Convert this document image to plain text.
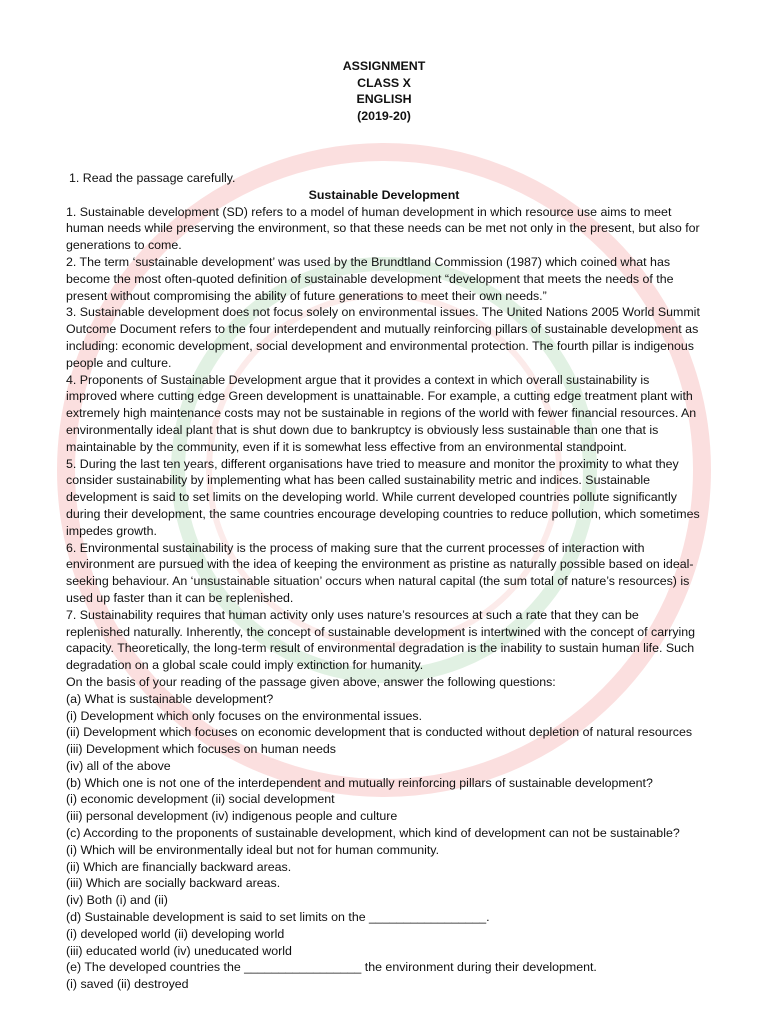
ASSIGNMENT
CLASS X
ENGLISH
(2019-20)
1. Read the passage carefully.
Sustainable Development

1. Sustainable development (SD) refers to a model of human development in which resource use aims to meet human needs while preserving the environment, so that these needs can be met not only in the present, but also for generations to come.

2. The term ‘sustainable development’ was used by the Brundtland Commission (1987) which coined what has become the most often-quoted definition of sustainable development “development that meets the needs of the present without compromising the ability of future generations to meet their own needs.”

3. Sustainable development does not focus solely on environmental issues. The United Nations 2005 World Summit Outcome Document refers to the four interdependent and mutually reinforcing pillars of sustainable development as including: economic development, social development and environmental protection. The fourth pillar is indigenous people and culture.

4. Proponents of Sustainable Development argue that it provides a context in which overall sustainability is improved where cutting edge Green development is unattainable. For example, a cutting edge treatment plant with extremely high maintenance costs may not be sustainable in regions of the world with fewer financial resources. An environmentally ideal plant that is shut down due to bankruptcy is obviously less sustainable than one that is maintainable by the community, even if it is somewhat less effective from an environmental standpoint.

5. During the last ten years, different organisations have tried to measure and monitor the proximity to what they consider sustainability by implementing what has been called sustainability metric and indices. Sustainable development is said to set limits on the developing world. While current developed countries pollute significantly during their development, the same countries encourage developing countries to reduce pollution, which sometimes impedes growth.

6. Environmental sustainability is the process of making sure that the current processes of interaction with environment are pursued with the idea of keeping the environment as pristine as naturally possible based on ideal-seeking behaviour. An ‘unsustainable situation’ occurs when natural capital (the sum total of nature’s resources) is used up faster than it can be replenished.

7. Sustainability requires that human activity only uses nature’s resources at such a rate that they can be replenished naturally. Inherently, the concept of sustainable development is intertwined with the concept of carrying capacity. Theoretically, the long-term result of environmental degradation is the inability to sustain human life. Such degradation on a global scale could imply extinction for humanity.

On the basis of your reading of the passage given above, answer the following questions:

(a) What is sustainable development?
(i) Development which only focuses on the environmental issues.
(ii) Development which focuses on economic development that is conducted without depletion of natural resources
(iii) Development which focuses on human needs
(iv) all of the above
(b) Which one is not one of the interdependent and mutually reinforcing pillars of sustainable development?
(i) economic development (ii) social development
(iii) personal development (iv) indigenous people and culture
(c) According to the proponents of sustainable development, which kind of development can not be sustainable?
(i) Which will be environmentally ideal but not for human community.
(ii) Which are financially backward areas.
(iii) Which are socially backward areas.
(iv) Both (i) and (ii)
(d) Sustainable development is said to set limits on the _________________.
(i) developed world (ii) developing world
(iii) educated world (iv) uneducated world
(e) The developed countries the _________________ the environment during their development.
(i) saved (ii) destroyed
